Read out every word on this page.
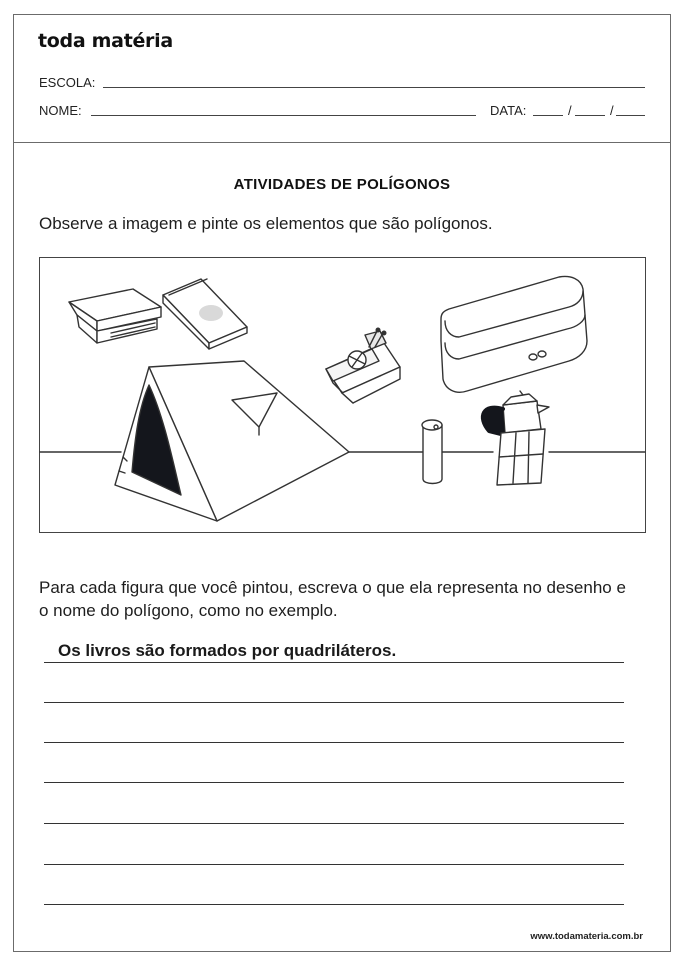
toda matéria
ESCOLA:
NOME:	DATA:	/	/
ATIVIDADES DE POLÍGONOS
Observe a imagem e pinte os elementos que são polígonos.
Para cada figura que você pintou, escreva o que ela representa no desenho e o nome do polígono, como no exemplo.
Os livros são formados por quadriláteros.
www.todamateria.com.br
